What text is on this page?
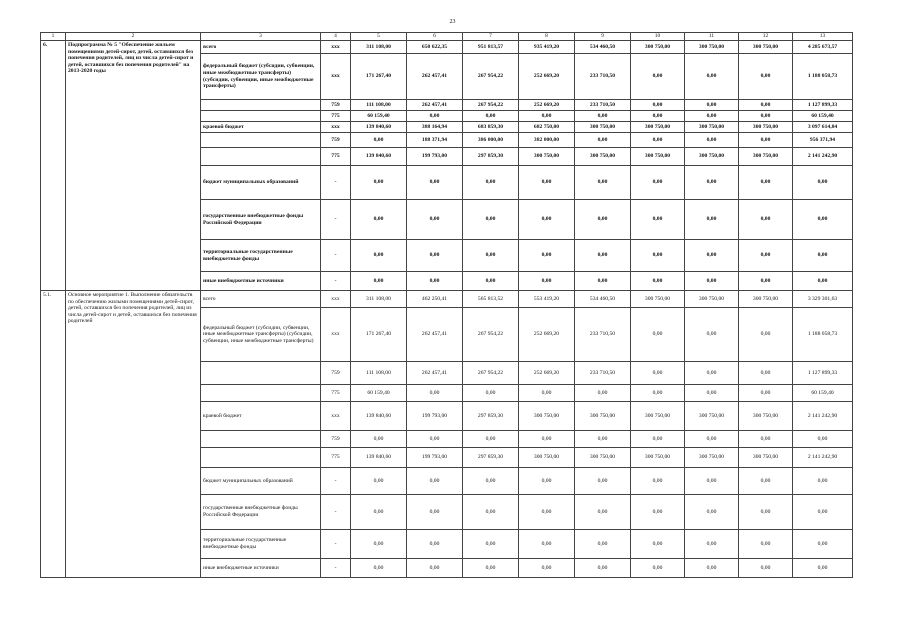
23
1	2	3	4	5	6	7	8	9	10	11	12	13
6.	Подпрограмма № 5 "Обеспечение жильем помещениями детей-сирот, детей, оставшихся без попечения родителей, лиц из числа детей-сирот и детей, оставшихся без попечения родителей" на 2013-2020 годы	всего	ххх	311 108,00	650 622,35	951 813,57	935 419,20	534 460,50	300 750,00	300 750,00	300 750,00	4 285 673,57
		федеральный бюджет (субсидии, субвенции, иные межбюджетные трансферты) (субсидии, субвенции, иные межбюджетные трансферты)	ххх	171 267,40	262 457,41	267 954,22	252 669,20	233 710,50	0,00	0,00	0,00	1 188 058,73
			759	111 108,00	262 457,41	267 954,22	252 669,20	233 710,50	0,00	0,00	0,00	1 127 899,33
			775	60 159,40	0,00	0,00	0,00	0,00	0,00	0,00	0,00	60 159,40
		краевой бюджет	ххх	139 840,60	388 164,94	683 859,30	682 750,00	300 750,00	300 750,00	300 750,00	300 750,00	3 097 614,84
			759	0,00	188 371,94	386 000,00	382 000,00	0,00	0,00	0,00	0,00	956 371,94
			775	139 840,60	199 793,00	297 859,30	300 750,00	300 750,00	300 750,00	300 750,00	300 750,00	2 141 242,90
		бюджет муниципальных образований	-	0,00	0,00	0,00	0,00	0,00	0,00	0,00	0,00	0,00
		государственные внебюджетные фонды Российской Федерации	-	0,00	0,00	0,00	0,00	0,00	0,00	0,00	0,00	0,00
		территориальные государственные внебюджетные фонды	-	0,00	0,00	0,00	0,00	0,00	0,00	0,00	0,00	0,00
		иные внебюджетные источники	-	0,00	0,00	0,00	0,00	0,00	0,00	0,00	0,00	0,00
5.1.	Основное мероприятие 1. Выполнение обязательств по обеспечению жилыми помещениями детей-сирот, детей, оставшихся без попечения родителей, лиц из числа детей-сирот и детей, оставшихся без попечения родителей	всего	ххх	311 108,00	462 250,41	565 813,52	553 419,20	534 460,50	300 750,00	300 750,00	300 750,00	3 329 301,63
		федеральный бюджет (субсидии, субвенции, иные межбюджетные трансферты) (субсидии, субвенции, иные межбюджетные трансферты)	ххх	171 267,40	262 457,41	267 954,22	252 669,20	233 710,50	0,00	0,00	0,00	1 188 058,73
			759	111 108,00	262 457,41	267 954,22	252 669,20	233 710,50	0,00	0,00	0,00	1 127 899,33
			775	60 159,40	0,00	0,00	0,00	0,00	0,00	0,00	0,00	60 159,40
		краевой бюджет	ххх	139 840,60	199 793,00	297 859,30	300 750,00	300 750,00	300 750,00	300 750,00	300 750,00	2 141 242,90
			759	0,00	0,00	0,00	0,00	0,00	0,00	0,00	0,00	0,00
			775	139 840,60	199 793,00	297 859,30	300 750,00	300 750,00	300 750,00	300 750,00	300 750,00	2 141 242,90
		бюджет муниципальных образований	-	0,00	0,00	0,00	0,00	0,00	0,00	0,00	0,00	0,00
		государственные внебюджетные фонды Российской Федерации	-	0,00	0,00	0,00	0,00	0,00	0,00	0,00	0,00	0,00
		территориальные государственные внебюджетные фонды	-	0,00	0,00	0,00	0,00	0,00	0,00	0,00	0,00	0,00
		иные внебюджетные источники	-	0,00	0,00	0,00	0,00	0,00	0,00	0,00	0,00	0,00
